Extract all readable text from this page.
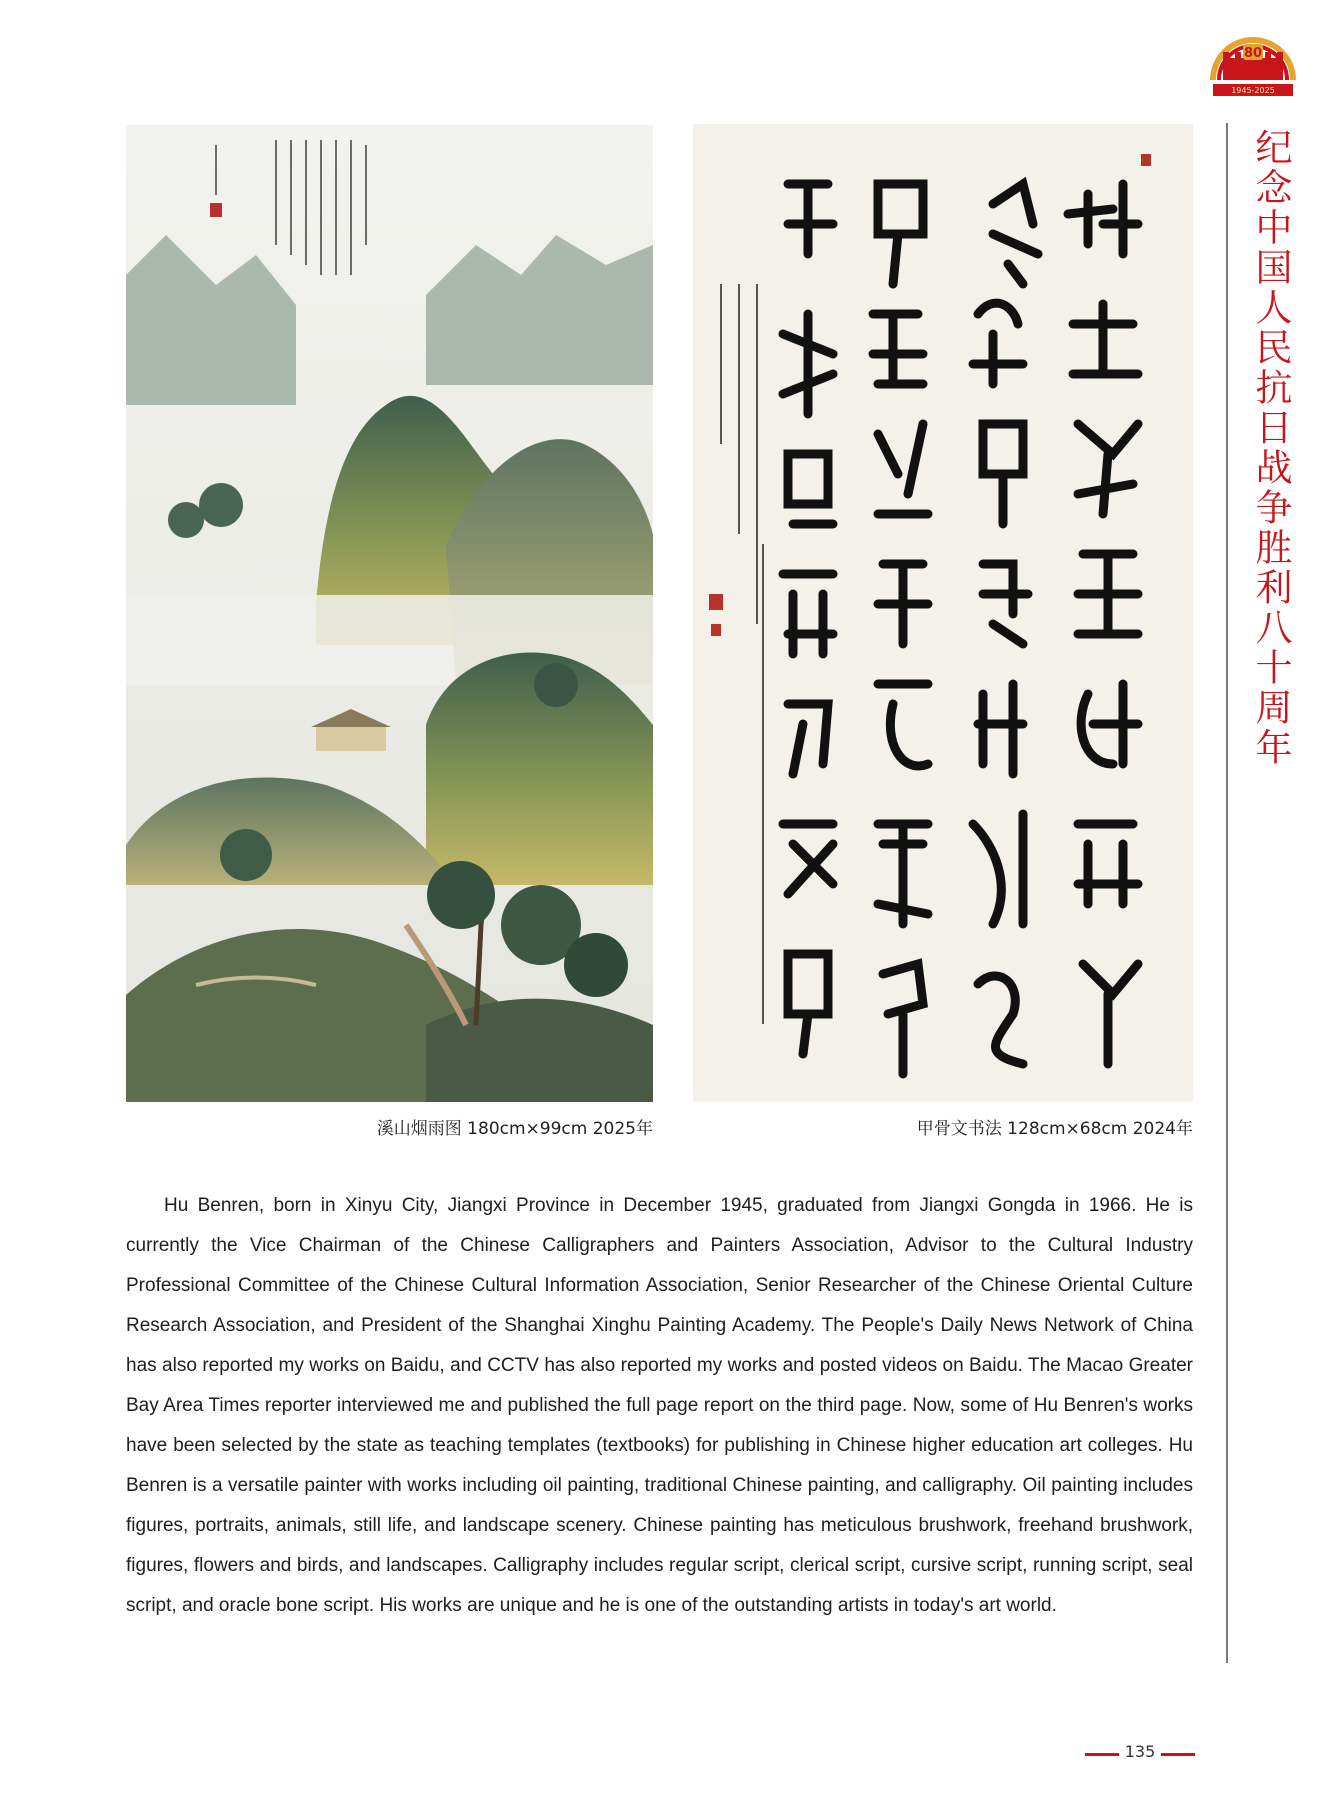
80
1945-2025
纪念中国人民抗日战争胜利八十周年
溪山烟雨图 180cm×99cm 2025年	甲骨文书法 128cm×68cm 2024年

Hu Benren, born in Xinyu City, Jiangxi Province in December 1945, graduated from Jiangxi Gongda in 1966. He is currently the Vice Chairman of the Chinese Calligraphers and Painters Association, Advisor to the Cultural Industry Professional Committee of the Chinese Cultural Information Association, Senior Researcher of the Chinese Oriental Culture Research Association, and President of the Shanghai Xinghu Painting Academy. The People's Daily News Network of China has also reported my works on Baidu, and CCTV has also reported my works and posted videos on Baidu. The Macao Greater Bay Area Times reporter interviewed me and published the full page report on the third page. Now, some of Hu Benren's works have been selected by the state as teaching templates (textbooks) for publishing in Chinese higher education art colleges. Hu Benren is a versatile painter with works including oil painting, traditional Chinese painting, and calligraphy. Oil painting includes figures, portraits, animals, still life, and landscape scenery. Chinese painting has meticulous brushwork, freehand brushwork, figures, flowers and birds, and landscapes. Calligraphy includes regular script, clerical script, cursive script, running script, seal script, and oracle bone script. His works are unique and he is one of the outstanding artists in today's art world.

135
